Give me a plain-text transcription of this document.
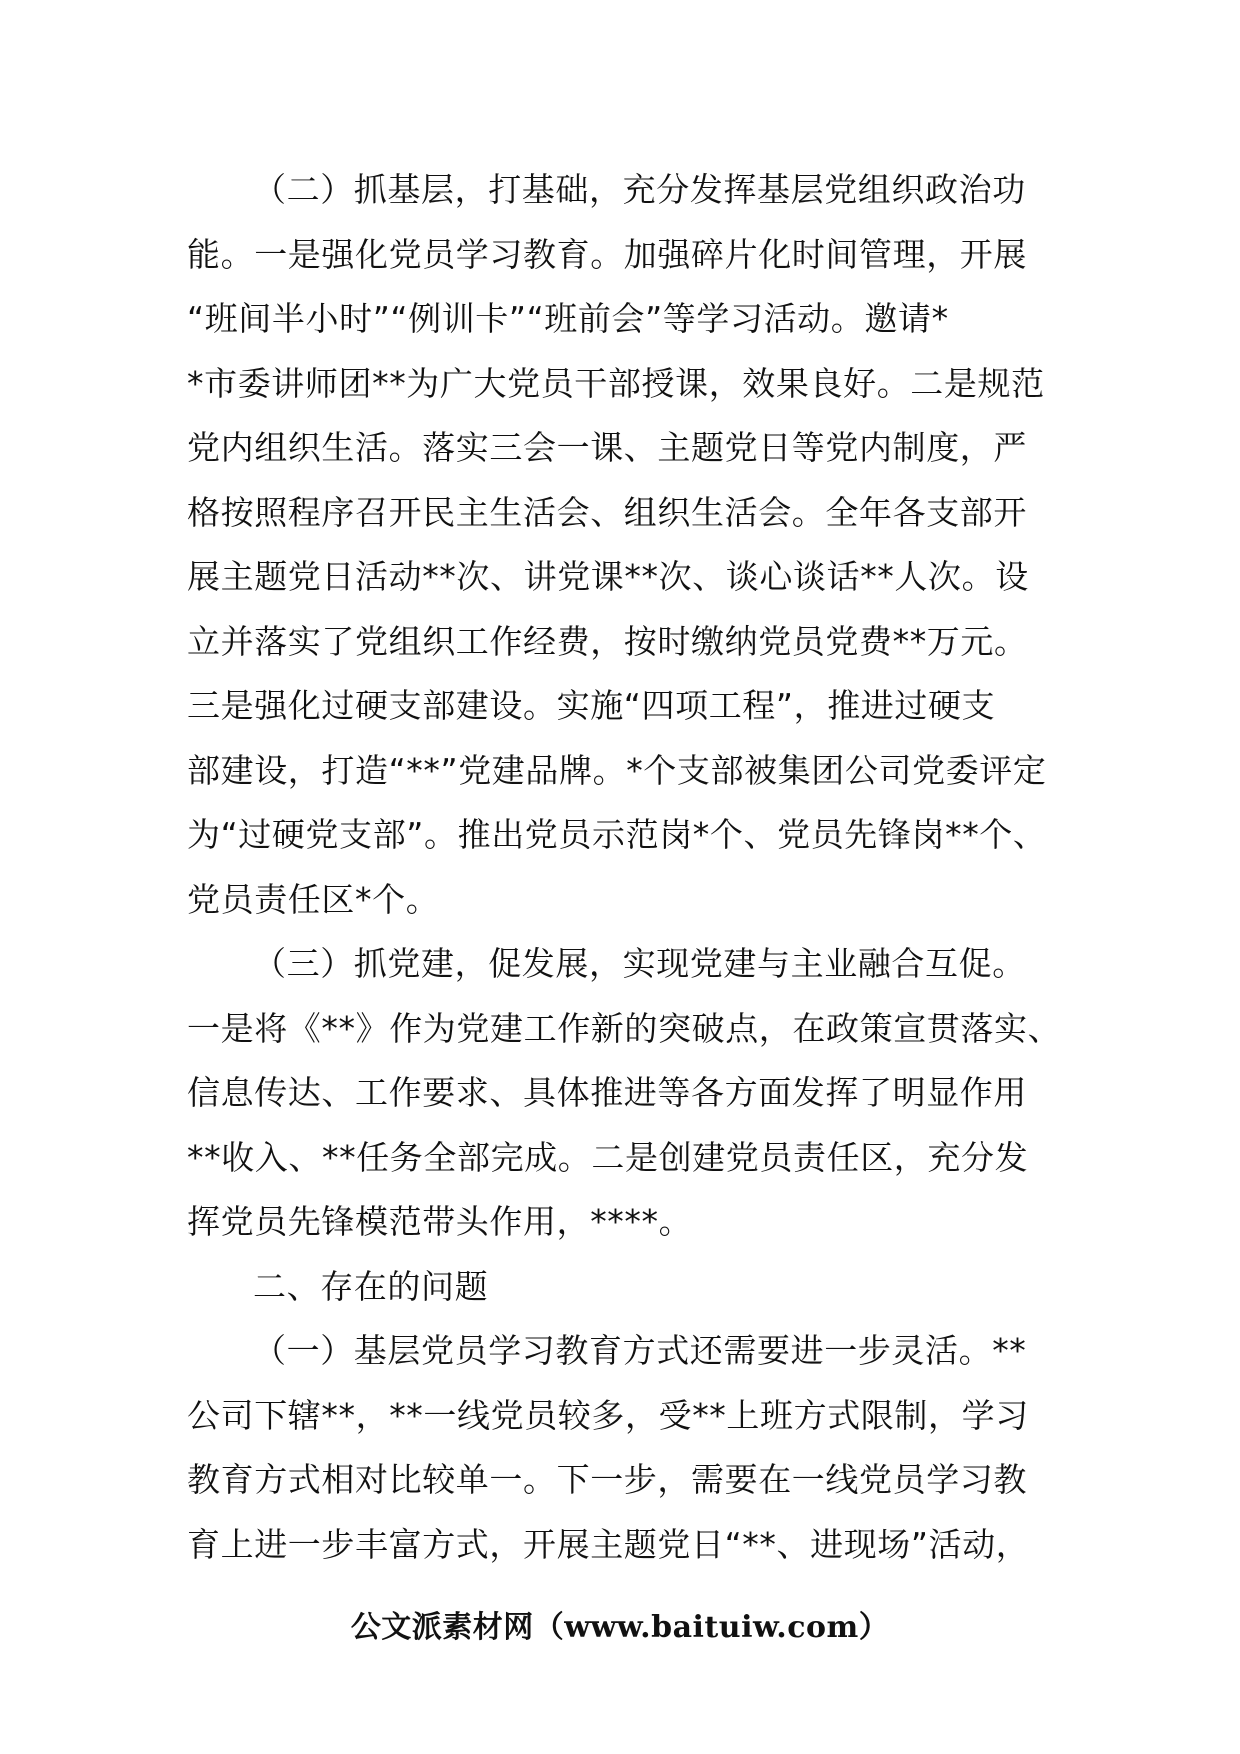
（二）抓基层，打基础，充分发挥基层党组织政治功
能。一是强化党员学习教育。加强碎片化时间管理，开展
“班间半小时”“例训卡”“班前会”等学习活动。邀请*
*市委讲师团**为广大党员干部授课，效果良好。二是规范
党内组织生活。落实三会一课、主题党日等党内制度，严
格按照程序召开民主生活会、组织生活会。全年各支部开
展主题党日活动**次、讲党课**次、谈心谈话**人次。设
立并落实了党组织工作经费，按时缴纳党员党费**万元。
三是强化过硬支部建设。实施“四项工程”，推进过硬支
部建设，打造“**”党建品牌。*个支部被集团公司党委评定
为“过硬党支部”。推出党员示范岗*个、党员先锋岗**个、
党员责任区*个。
（三）抓党建，促发展，实现党建与主业融合互促。
一是将《**》作为党建工作新的突破点，在政策宣贯落实、
信息传达、工作要求、具体推进等各方面发挥了明显作用
**收入、**任务全部完成。二是创建党员责任区，充分发
挥党员先锋模范带头作用，****。
二、存在的问题
（一）基层党员学习教育方式还需要进一步灵活。**
公司下辖**，**一线党员较多，受**上班方式限制，学习
教育方式相对比较单一。下一步，需要在一线党员学习教
育上进一步丰富方式，开展主题党日“**、进现场”活动，
公文派素材网（www.baituiw.com）
